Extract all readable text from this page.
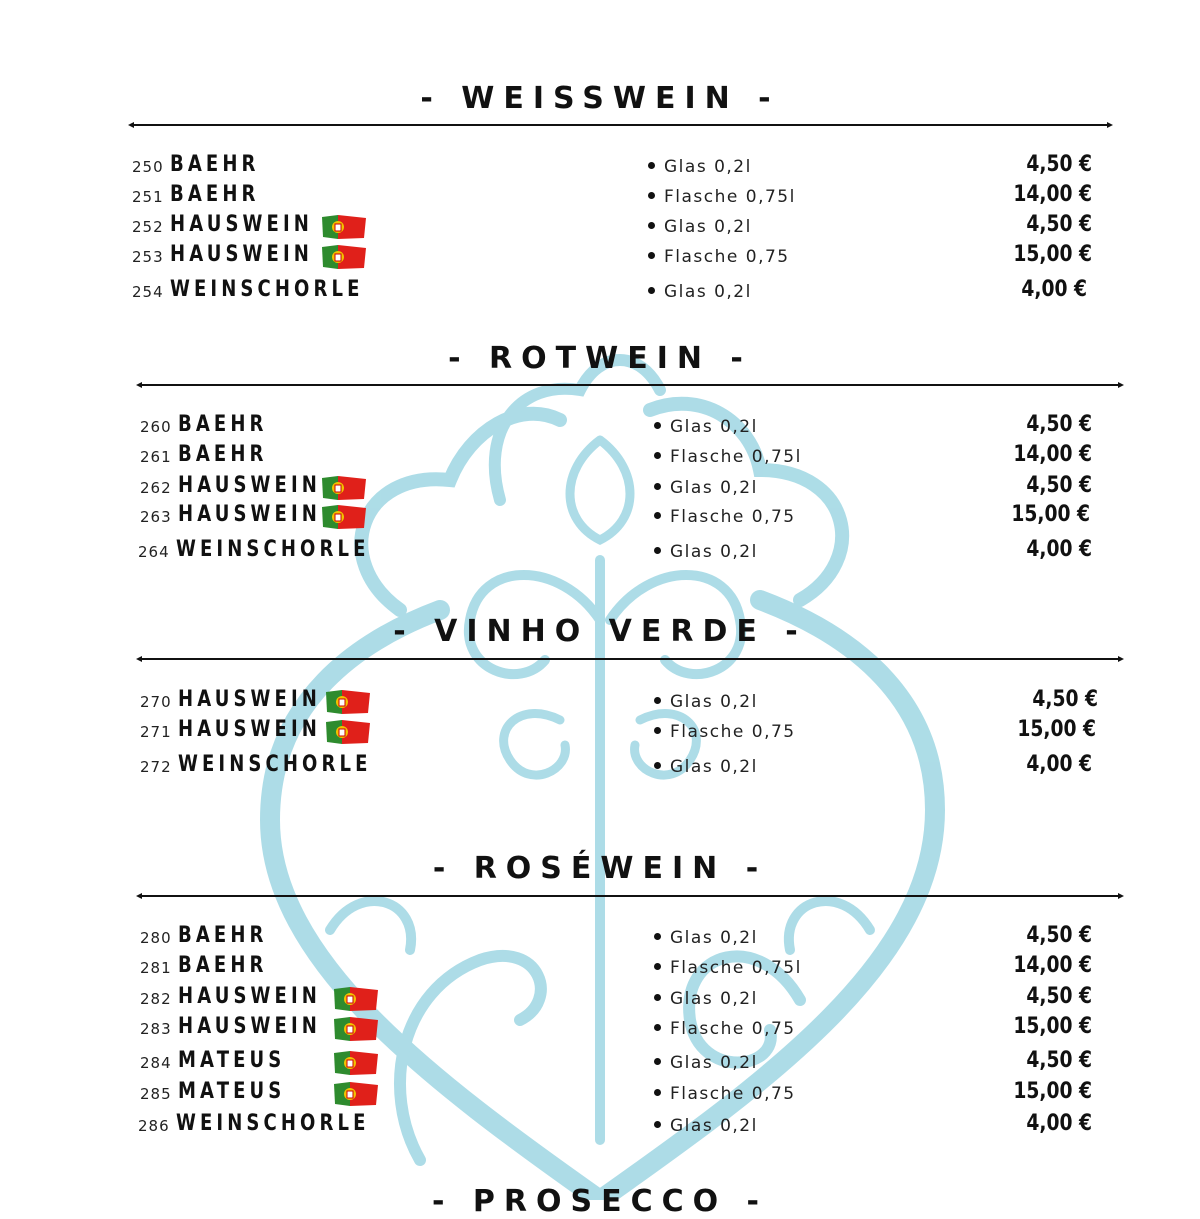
- WEISSWEIN -
250 BAEHR	Glas 0,2l	4,50 €
251 BAEHR	Flasche 0,75l	14,00 €
252 HAUSWEIN	Glas 0,2l	4,50 €
253 HAUSWEIN	Flasche 0,75	15,00 €
254 WEINSCHORLE	Glas 0,2l	4,00 €
- ROTWEIN -
260 BAEHR	Glas 0,2l	4,50 €
261 BAEHR	Flasche 0,75l	14,00 €
262 HAUSWEIN	Glas 0,2l	4,50 €
263 HAUSWEIN	Flasche 0,75	15,00 €
264 WEINSCHORLE	Glas 0,2l	4,00 €
- VINHO VERDE -
270 HAUSWEIN	Glas 0,2l	4,50 €
271 HAUSWEIN	Flasche 0,75	15,00 €
272 WEINSCHORLE	Glas 0,2l	4,00 €
- ROSÉWEIN -
280 BAEHR	Glas 0,2l	4,50 €
281 BAEHR	Flasche 0,75l	14,00 €
282 HAUSWEIN	Glas 0,2l	4,50 €
283 HAUSWEIN	Flasche 0,75	15,00 €
284 MATEUS	Glas 0,2l	4,50 €
285 MATEUS	Flasche 0,75	15,00 €
286 WEINSCHORLE	Glas 0,2l	4,00 €
- PROSECCO -
